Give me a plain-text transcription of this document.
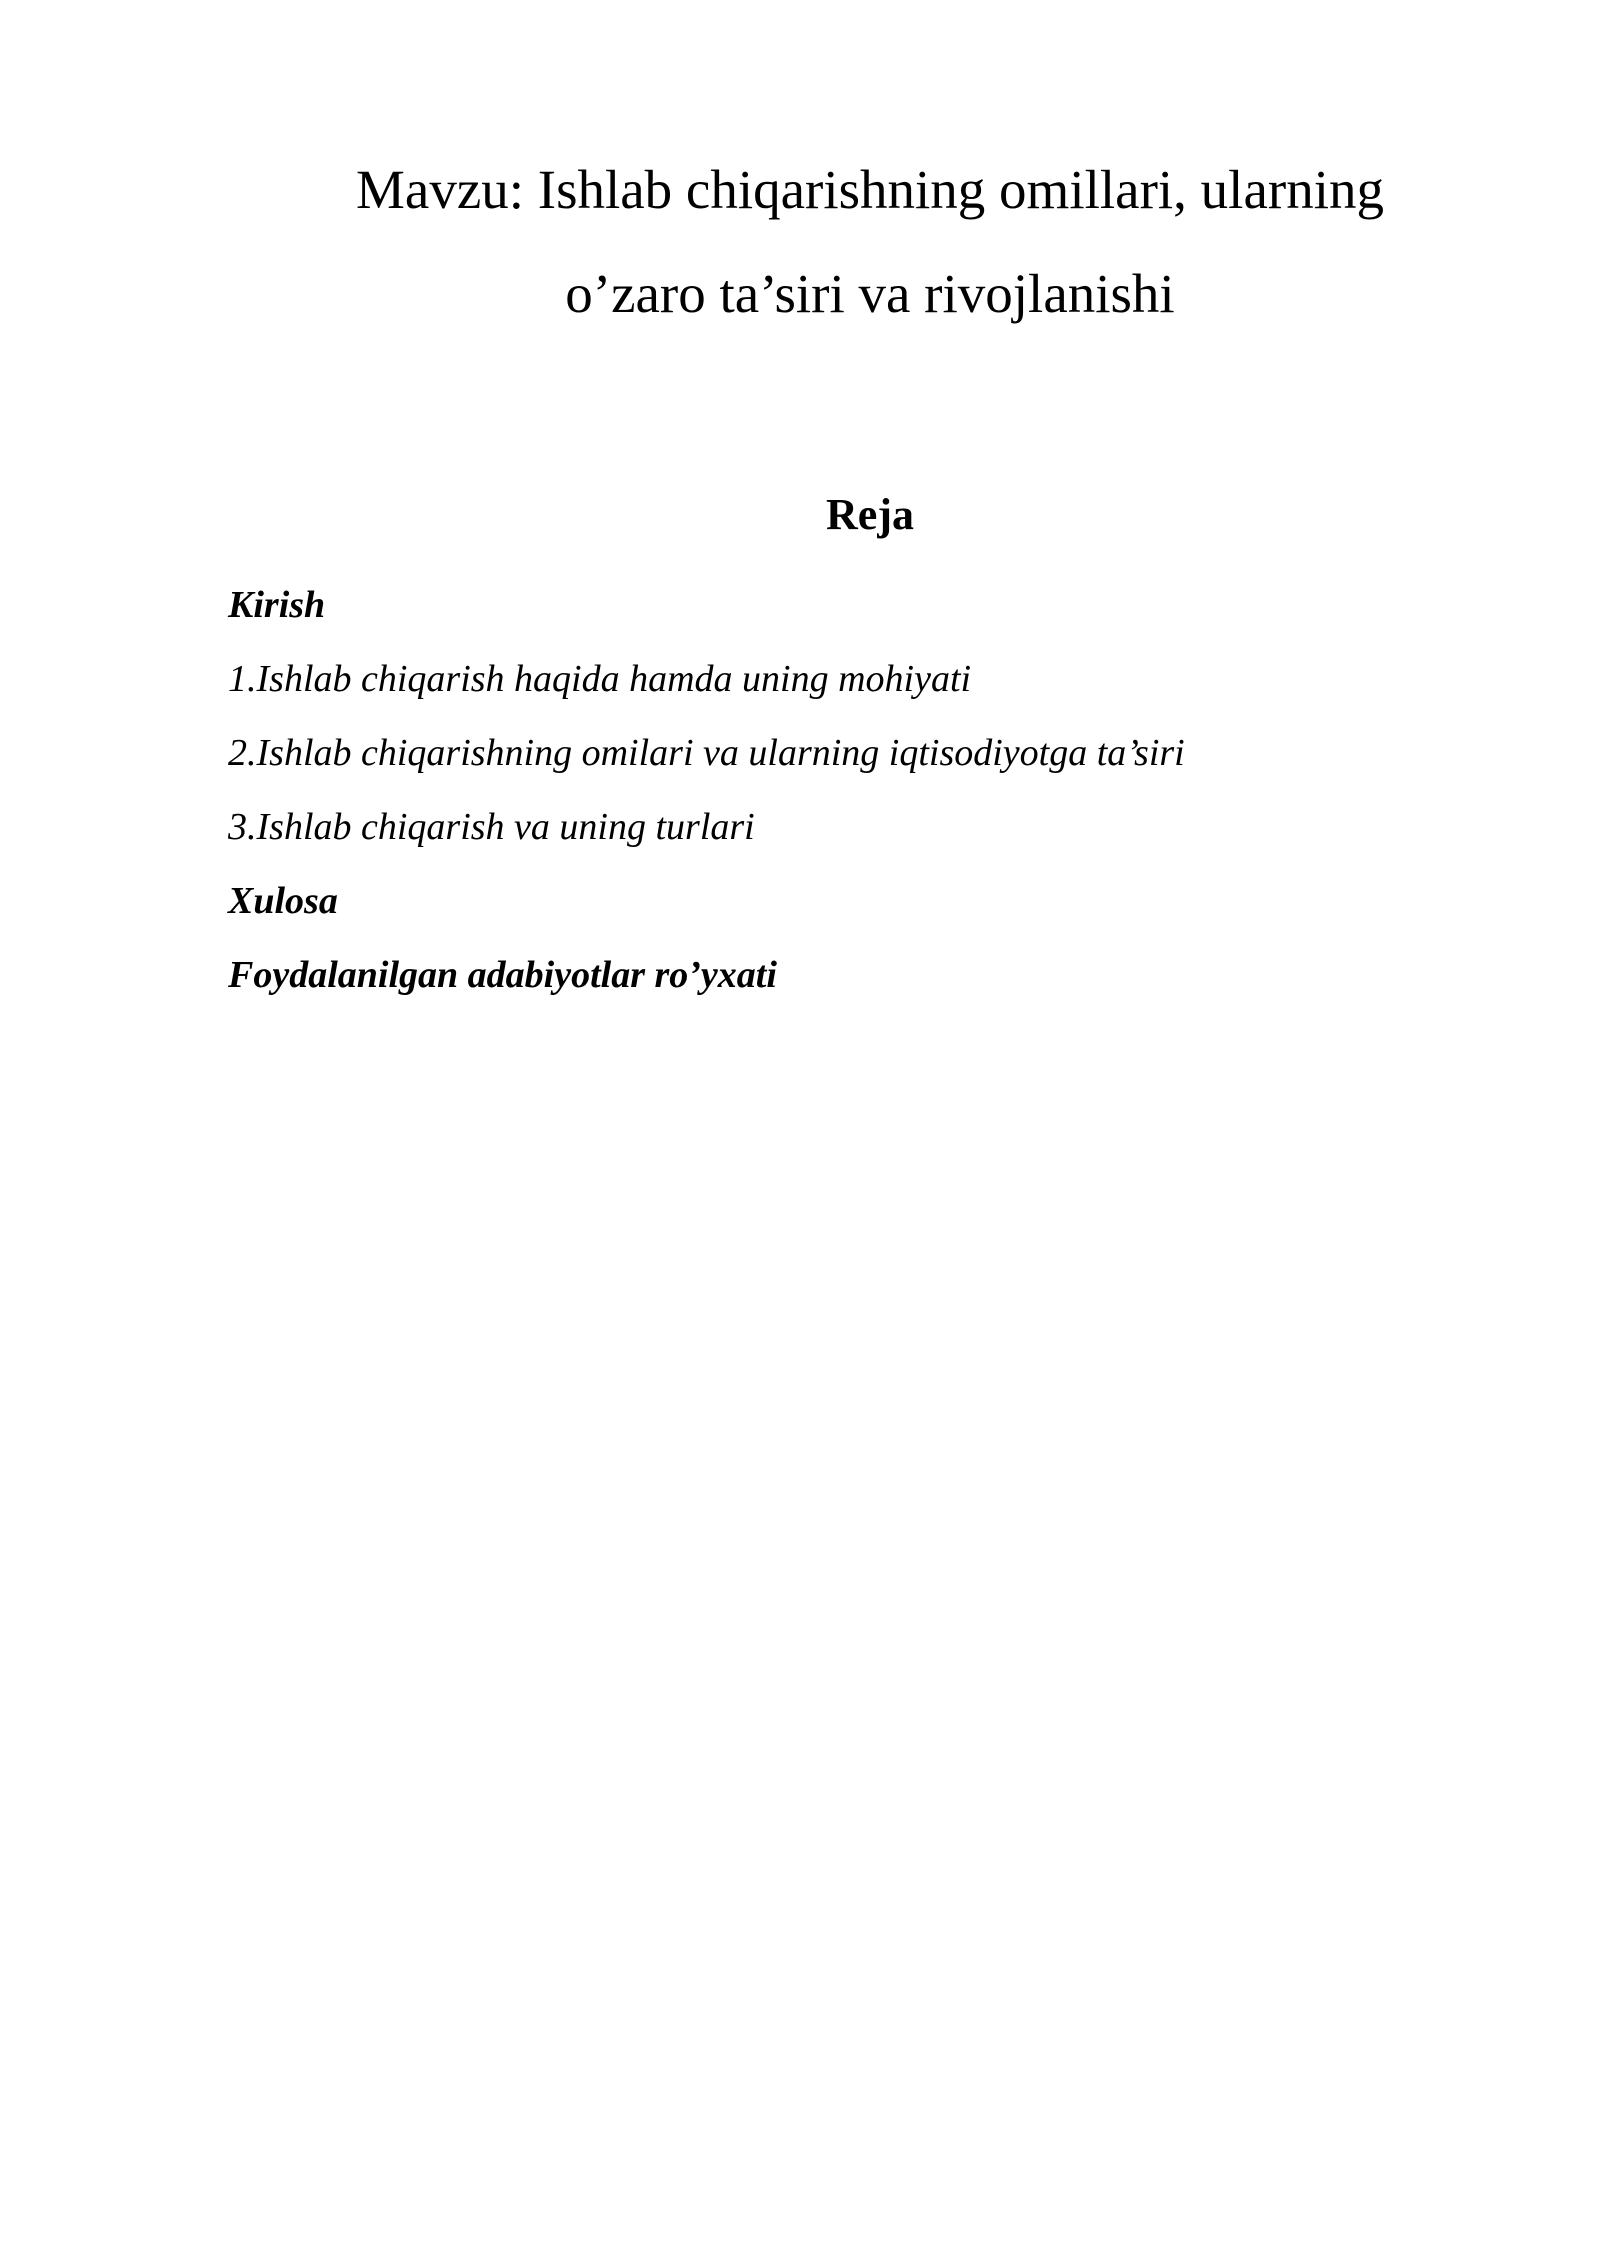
Mavzu: Ishlab chiqarishning omillari, ularning
o’zaro ta’siri va rivojlanishi
Reja
Kirish
1.Ishlab chiqarish haqida hamda uning mohiyati
2.Ishlab chiqarishning omilari va ularning iqtisodiyotga ta’siri
3.Ishlab chiqarish va uning turlari
Xulosa
Foydalanilgan adabiyotlar ro’yxati
